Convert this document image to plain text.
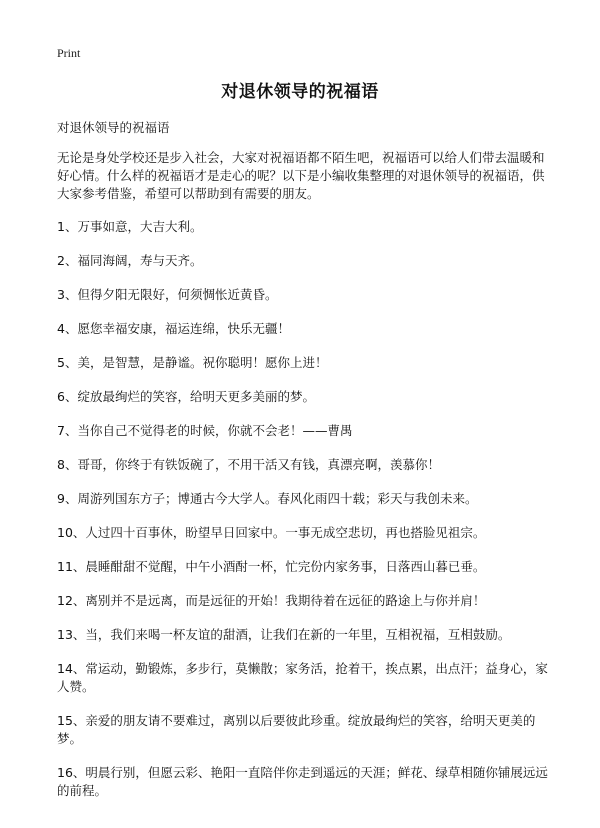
Print
对退休领导的祝福语

对退休领导的祝福语

无论是身处学校还是步入社会，大家对祝福语都不陌生吧，祝福语可以给人们带去温暖和好心情。什么样的祝福语才是走心的呢？以下是小编收集整理的对退休领导的祝福语，供大家参考借鉴，希望可以帮助到有需要的朋友。

1、万事如意，大吉大利。
2、福同海阔，寿与天齐。
3、但得夕阳无限好，何须惆怅近黄昏。
4、愿您幸福安康，福运连绵，快乐无疆！
5、美，是智慧，是静谧。祝你聪明！愿你上进！
6、绽放最绚烂的笑容，给明天更多美丽的梦。
7、当你自己不觉得老的时候，你就不会老！——曹禺
8、哥哥，你终于有铁饭碗了，不用干活又有钱，真漂亮啊，羡慕你！
9、周游列国东方子；博通古今大学人。春风化雨四十载；彩天与我创未来。
10、人过四十百事休，盼望早日回家中。一事无成空悲切，再也搭脸见祖宗。
11、晨睡酣甜不觉醒，中午小酒酎一杯，忙完份内家务事，日落西山暮已垂。
12、离别并不是远离，而是远征的开始！我期待着在远征的路途上与你并肩！
13、当，我们来喝一杯友谊的甜酒，让我们在新的一年里，互相祝福，互相鼓励。
14、常运动，勤锻炼，多步行，莫懒散；家务活，抢着干，挨点累，出点汗；益身心，家人赞。
15、亲爱的朋友请不要难过，离别以后要彼此珍重。绽放最绚烂的笑容，给明天更美的梦。
16、明晨行别，但愿云彩、艳阳一直陪伴你走到遥远的天涯；鲜花、绿草相随你铺展远远的前程。
